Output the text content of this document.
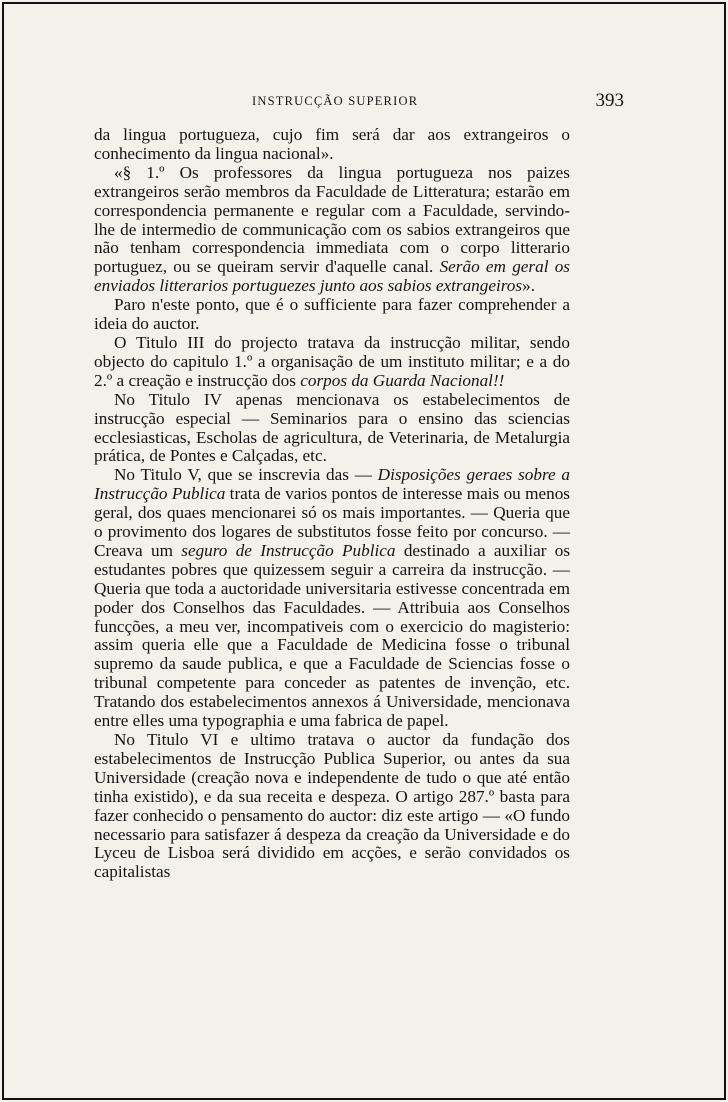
INSTRUCÇÃO SUPERIOR	393

da lingua portugueza, cujo fim será dar aos extrangeiros o conhecimento da lingua nacional».

«§ 1.º Os professores da lingua portugueza nos paizes extrangeiros serão membros da Faculdade de Litteratura; estarão em correspondencia permanente e regular com a Faculdade, servindo-lhe de intermedio de communicação com os sabios extrangeiros que não tenham correspondencia immediata com o corpo litterario portuguez, ou se queiram servir d'aquelle canal. Serão em geral os enviados litterarios portuguezes junto aos sabios extrangeiros».

Paro n'este ponto, que é o sufficiente para fazer comprehender a ideia do auctor.

O Titulo III do projecto tratava da instrucção militar, sendo objecto do capitulo 1.º a organisação de um instituto militar; e a do 2.º a creação e instrucção dos corpos da Guarda Nacional!!

No Titulo IV apenas mencionava os estabelecimentos de instrucção especial — Seminarios para o ensino das sciencias ecclesiasticas, Escholas de agricultura, de Veterinaria, de Metalurgia prática, de Pontes e Calçadas, etc.

No Titulo V, que se inscrevia das — Disposições geraes sobre a Instrucção Publica trata de varios pontos de interesse mais ou menos geral, dos quaes mencionarei só os mais importantes. — Queria que o provimento dos logares de substitutos fosse feito por concurso. — Creava um seguro de Instrucção Publica destinado a auxiliar os estudantes pobres que quizessem seguir a carreira da instrucção. — Queria que toda a auctoridade universitaria estivesse concentrada em poder dos Conselhos das Faculdades. — Attribuia aos Conselhos funcções, a meu ver, incompativeis com o exercicio do magisterio: assim queria elle que a Faculdade de Medicina fosse o tribunal supremo da saude publica, e que a Faculdade de Sciencias fosse o tribunal competente para conceder as patentes de invenção, etc. Tratando dos estabelecimentos annexos á Universidade, mencionava entre elles uma typographia e uma fabrica de papel.

No Titulo VI e ultimo tratava o auctor da fundação dos estabelecimentos de Instrucção Publica Superior, ou antes da sua Universidade (creação nova e independente de tudo o que até então tinha existido), e da sua receita e despeza. O artigo 287.º basta para fazer conhecido o pensamento do auctor: diz este artigo — «O fundo necessario para satisfazer á despeza da creação da Universidade e do Lyceu de Lisboa será dividido em acções, e serão convidados os capitalistas
